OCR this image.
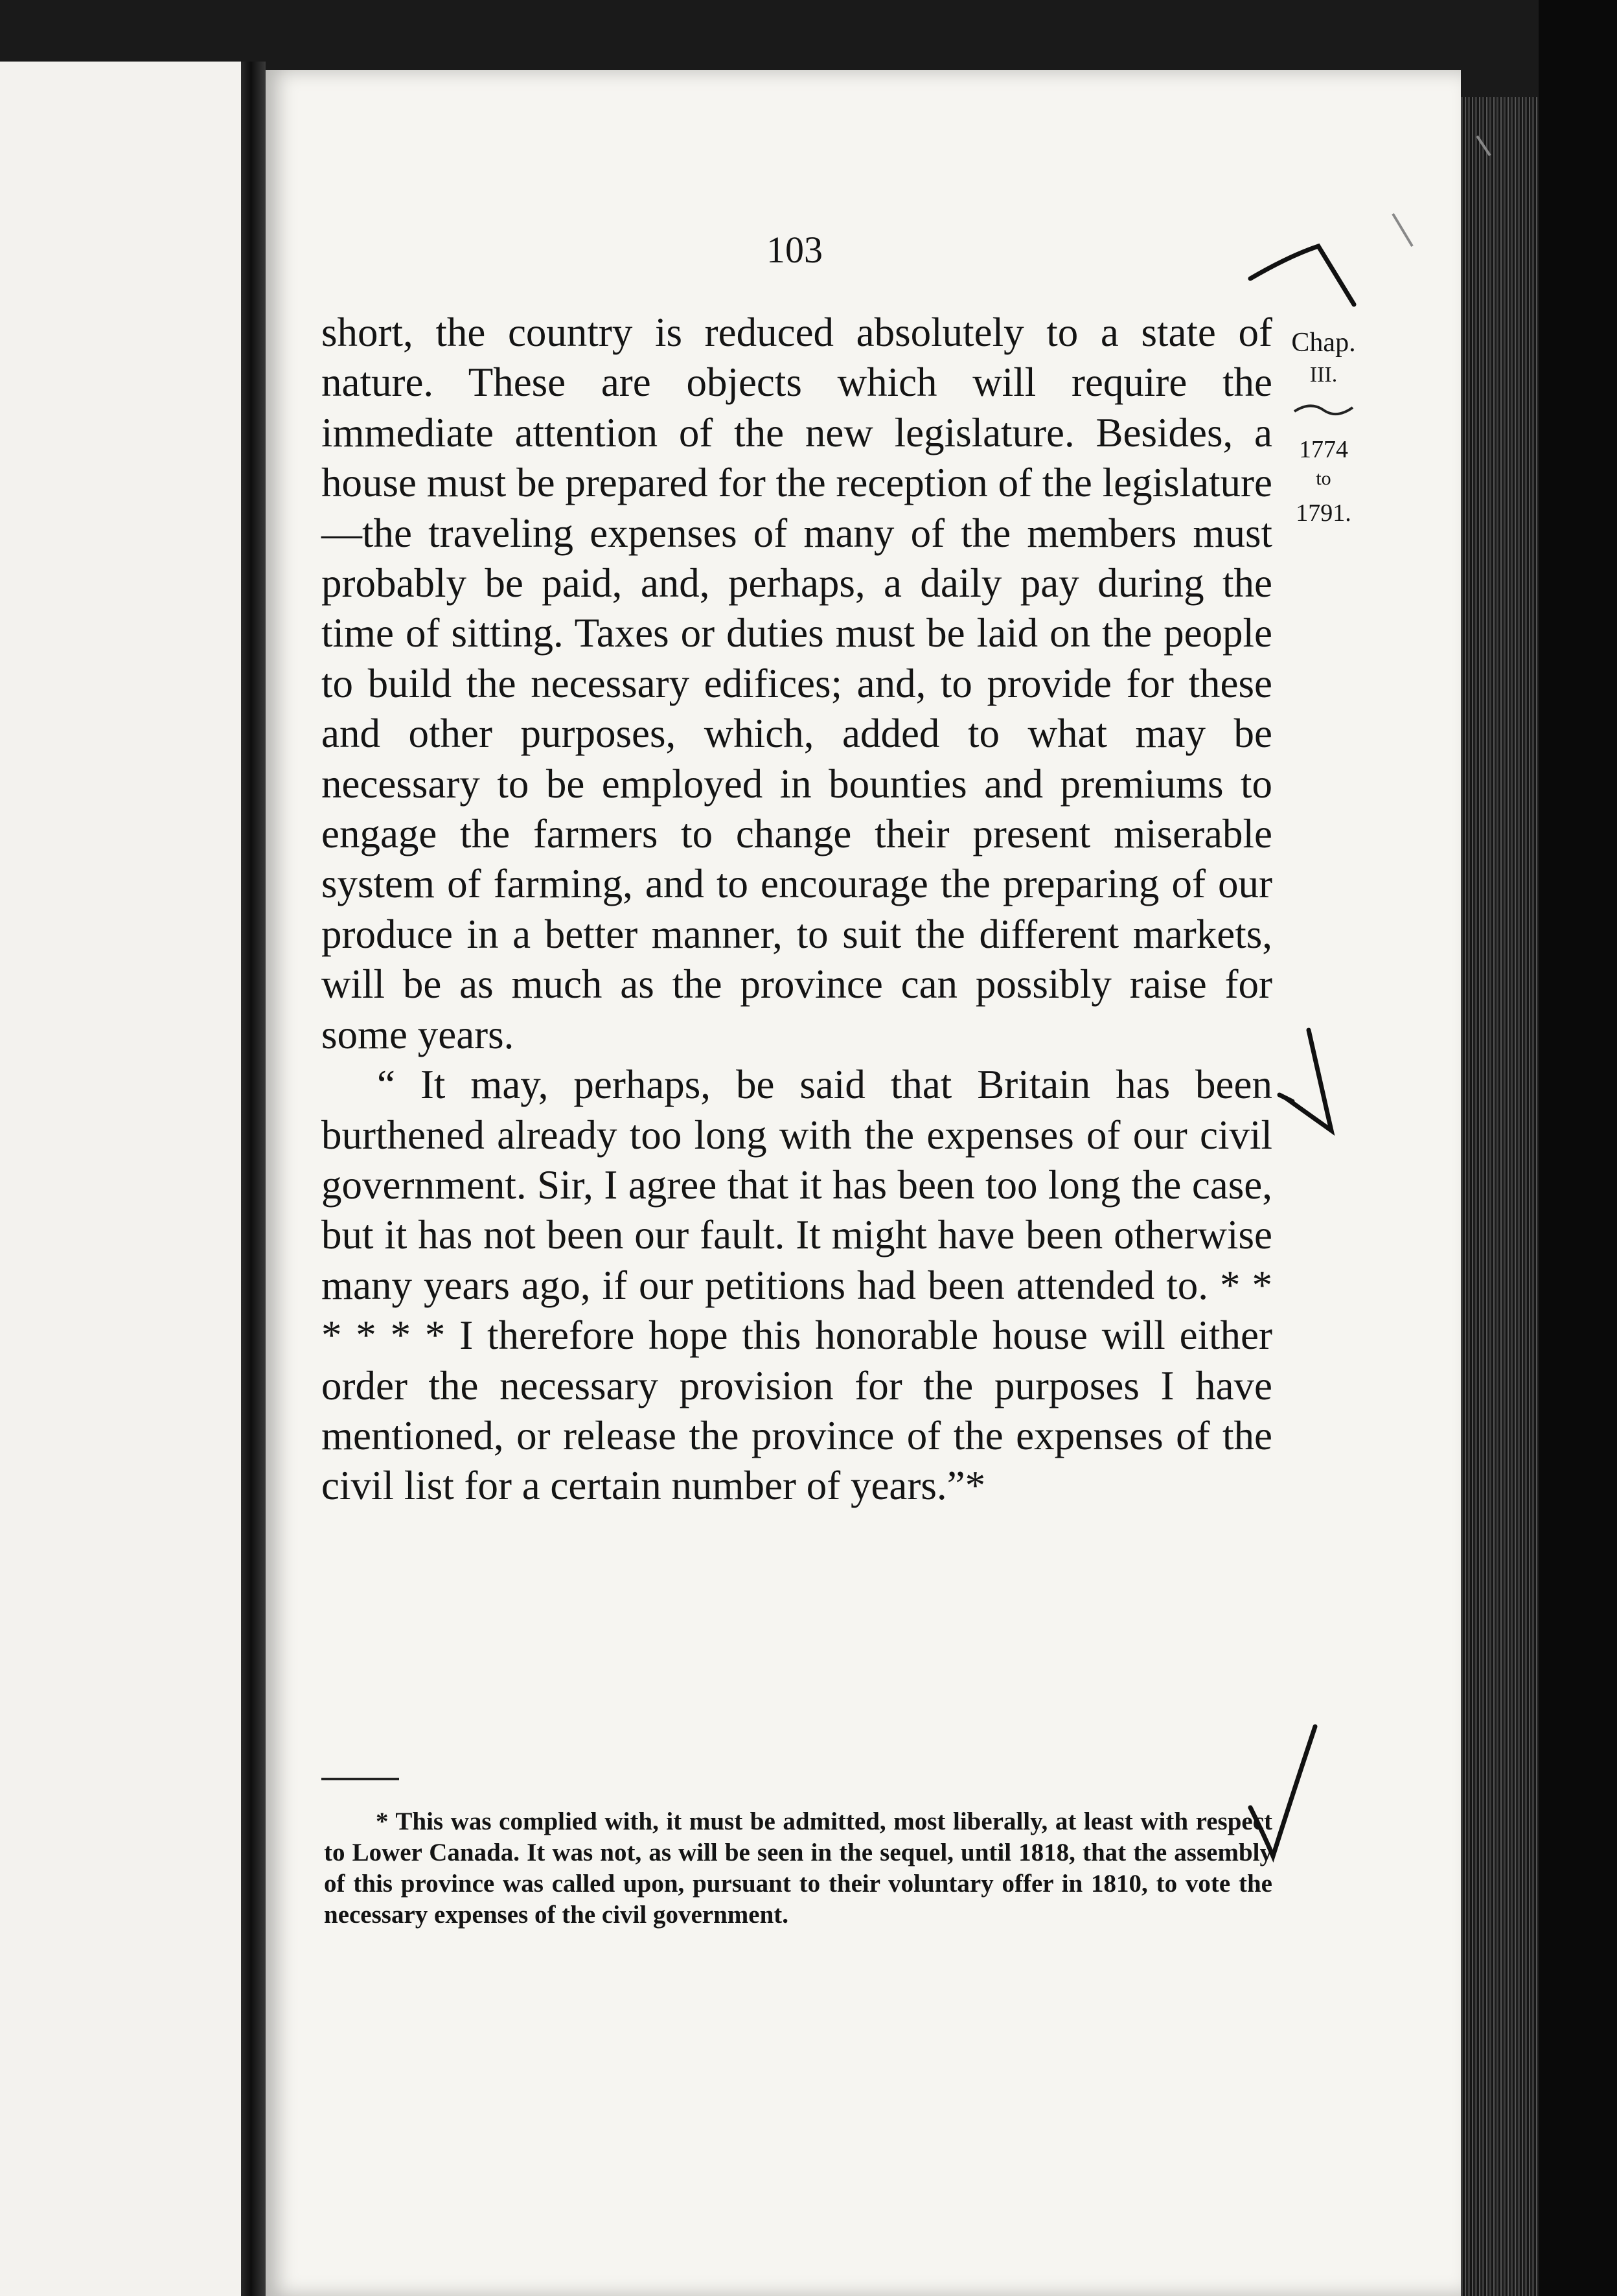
103

short, the country is reduced absolutely to a state of nature. These are objects which will require the immediate attention of the new legislature. Besides, a house must be prepared for the reception of the legislature—the traveling expenses of many of the members must probably be paid, and, perhaps, a daily pay during the time of sitting. Taxes or duties must be laid on the people to build the necessary edifices; and, to provide for these and other purposes, which, added to what may be necessary to be employed in bounties and premiums to engage the farmers to change their present miserable system of farming, and to encourage the preparing of our produce in a better manner, to suit the different markets, will be as much as the province can possibly raise for some years.

“ It may, perhaps, be said that Britain has been burthened already too long with the expenses of our civil government. Sir, I agree that it has been too long the case, but it has not been our fault. It might have been otherwise many years ago, if our petitions had been attended to. * * * * * * I therefore hope this honorable house will either order the necessary provision for the purposes I have mentioned, or release the province of the expenses of the civil list for a certain number of years.”*

* This was complied with, it must be admitted, most liberally, at least with respect to Lower Canada. It was not, as will be seen in the sequel, until 1818, that the assembly of this province was called upon, pursuant to their voluntary offer in 1810, to vote the necessary expenses of the civil government.

Chap.
III.
1774
to
1791.
